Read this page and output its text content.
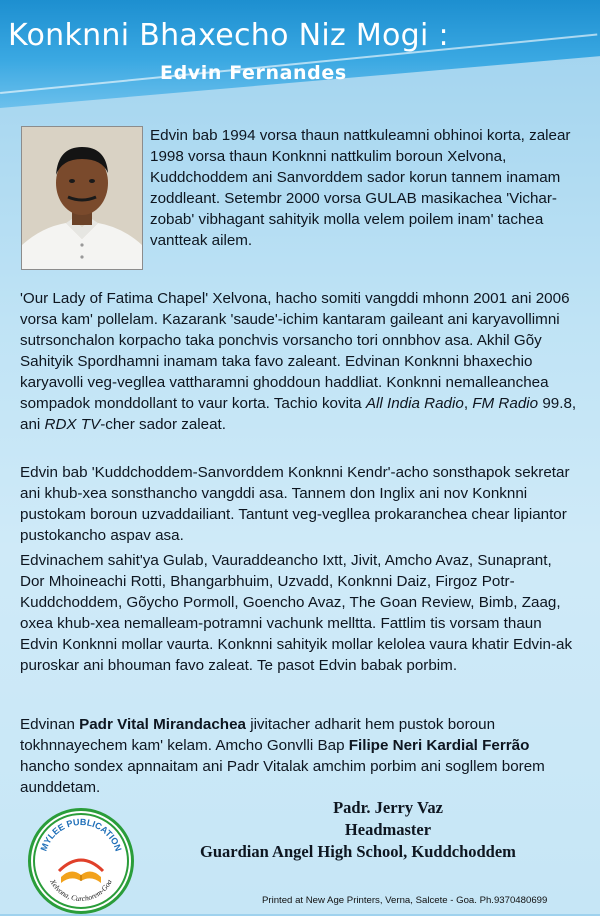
Konknni Bhaxecho Niz Mogi :
Edvin Fernandes

Edvin bab 1994 vorsa thaun nattkuleamni obhinoi korta, zalear 1998 vorsa thaun Konknni nattkulim boroun Xelvona, Kuddchoddem ani Sanvorddem sador korun tannem inamam zoddleant. Setembr 2000 vorsa GULAB masikachea 'Vichar-zobab' vibhagant sahityik molla velem poilem inam' tachea vantteak ailem.

'Our Lady of Fatima Chapel' Xelvona, hacho somiti vangddi mhonn 2001 ani 2006 vorsa kam' pollelam. Kazarank 'saude'-ichim kantaram gaileant ani karyavollimni sutrsonchalon korpacho taka ponchvis vorsancho tori onnbhov asa. Akhil Gõy Sahityik Spordhamni inamam taka favo zaleant. Edvinan Konknni bhaxechio karyavolli veg-vegllea vattharamni ghoddoun haddliat. Konknni nemalleanchea sompadok monddollant to vaur korta. Tachio kovita All India Radio, FM Radio 99.8, ani RDX TV-cher sador zaleat.

Edvin bab 'Kuddchoddem-Sanvorddem Konknni Kendr'-acho sonsthapok sekretar ani khub-xea sonsthancho vangddi asa. Tannem don Inglix ani nov Konknni pustokam boroun uzvaddailiant. Tantunt veg-vegllea prokaranchea chear lipiantor pustokancho aspav asa.

Edvinachem sahit'ya Gulab, Vauraddeancho Ixtt, Jivit, Amcho Avaz, Sunaprant, Dor Mhoineachi Rotti, Bhangarbhuim, Uzvadd, Konknni Daiz, Firgoz Potr-Kuddchoddem, Gõycho Pormoll, Goencho Avaz, The Goan Review, Bimb, Zaag, oxea khub-xea nemalleam-potramni vachunk melltta. Fattlim tis vorsam thaun Edvin Konknni mollar vaurta. Konknni sahityik mollar kelolea vaura khatir Edvin-ak puroskar ani bhouman favo zaleat. Te pasot Edvin babak porbim.

Edvinan Padr Vital Mirandachea jivitacher adharit hem pustok boroun tokhnnayechem kam' kelam. Amcho Gonvlli Bap Filipe Neri Kardial Ferrão hancho sondex apnnaitam ani Padr Vitalak amchim porbim ani sogllem borem aunddetam.

Padr. Jerry Vaz
Headmaster
Guardian Angel High School, Kuddchoddem
MYLEE PUBLICATION
Xelvona, Curchorem-Goa

Printed at New Age Printers, Verna, Salcete - Goa. Ph.9370480699
